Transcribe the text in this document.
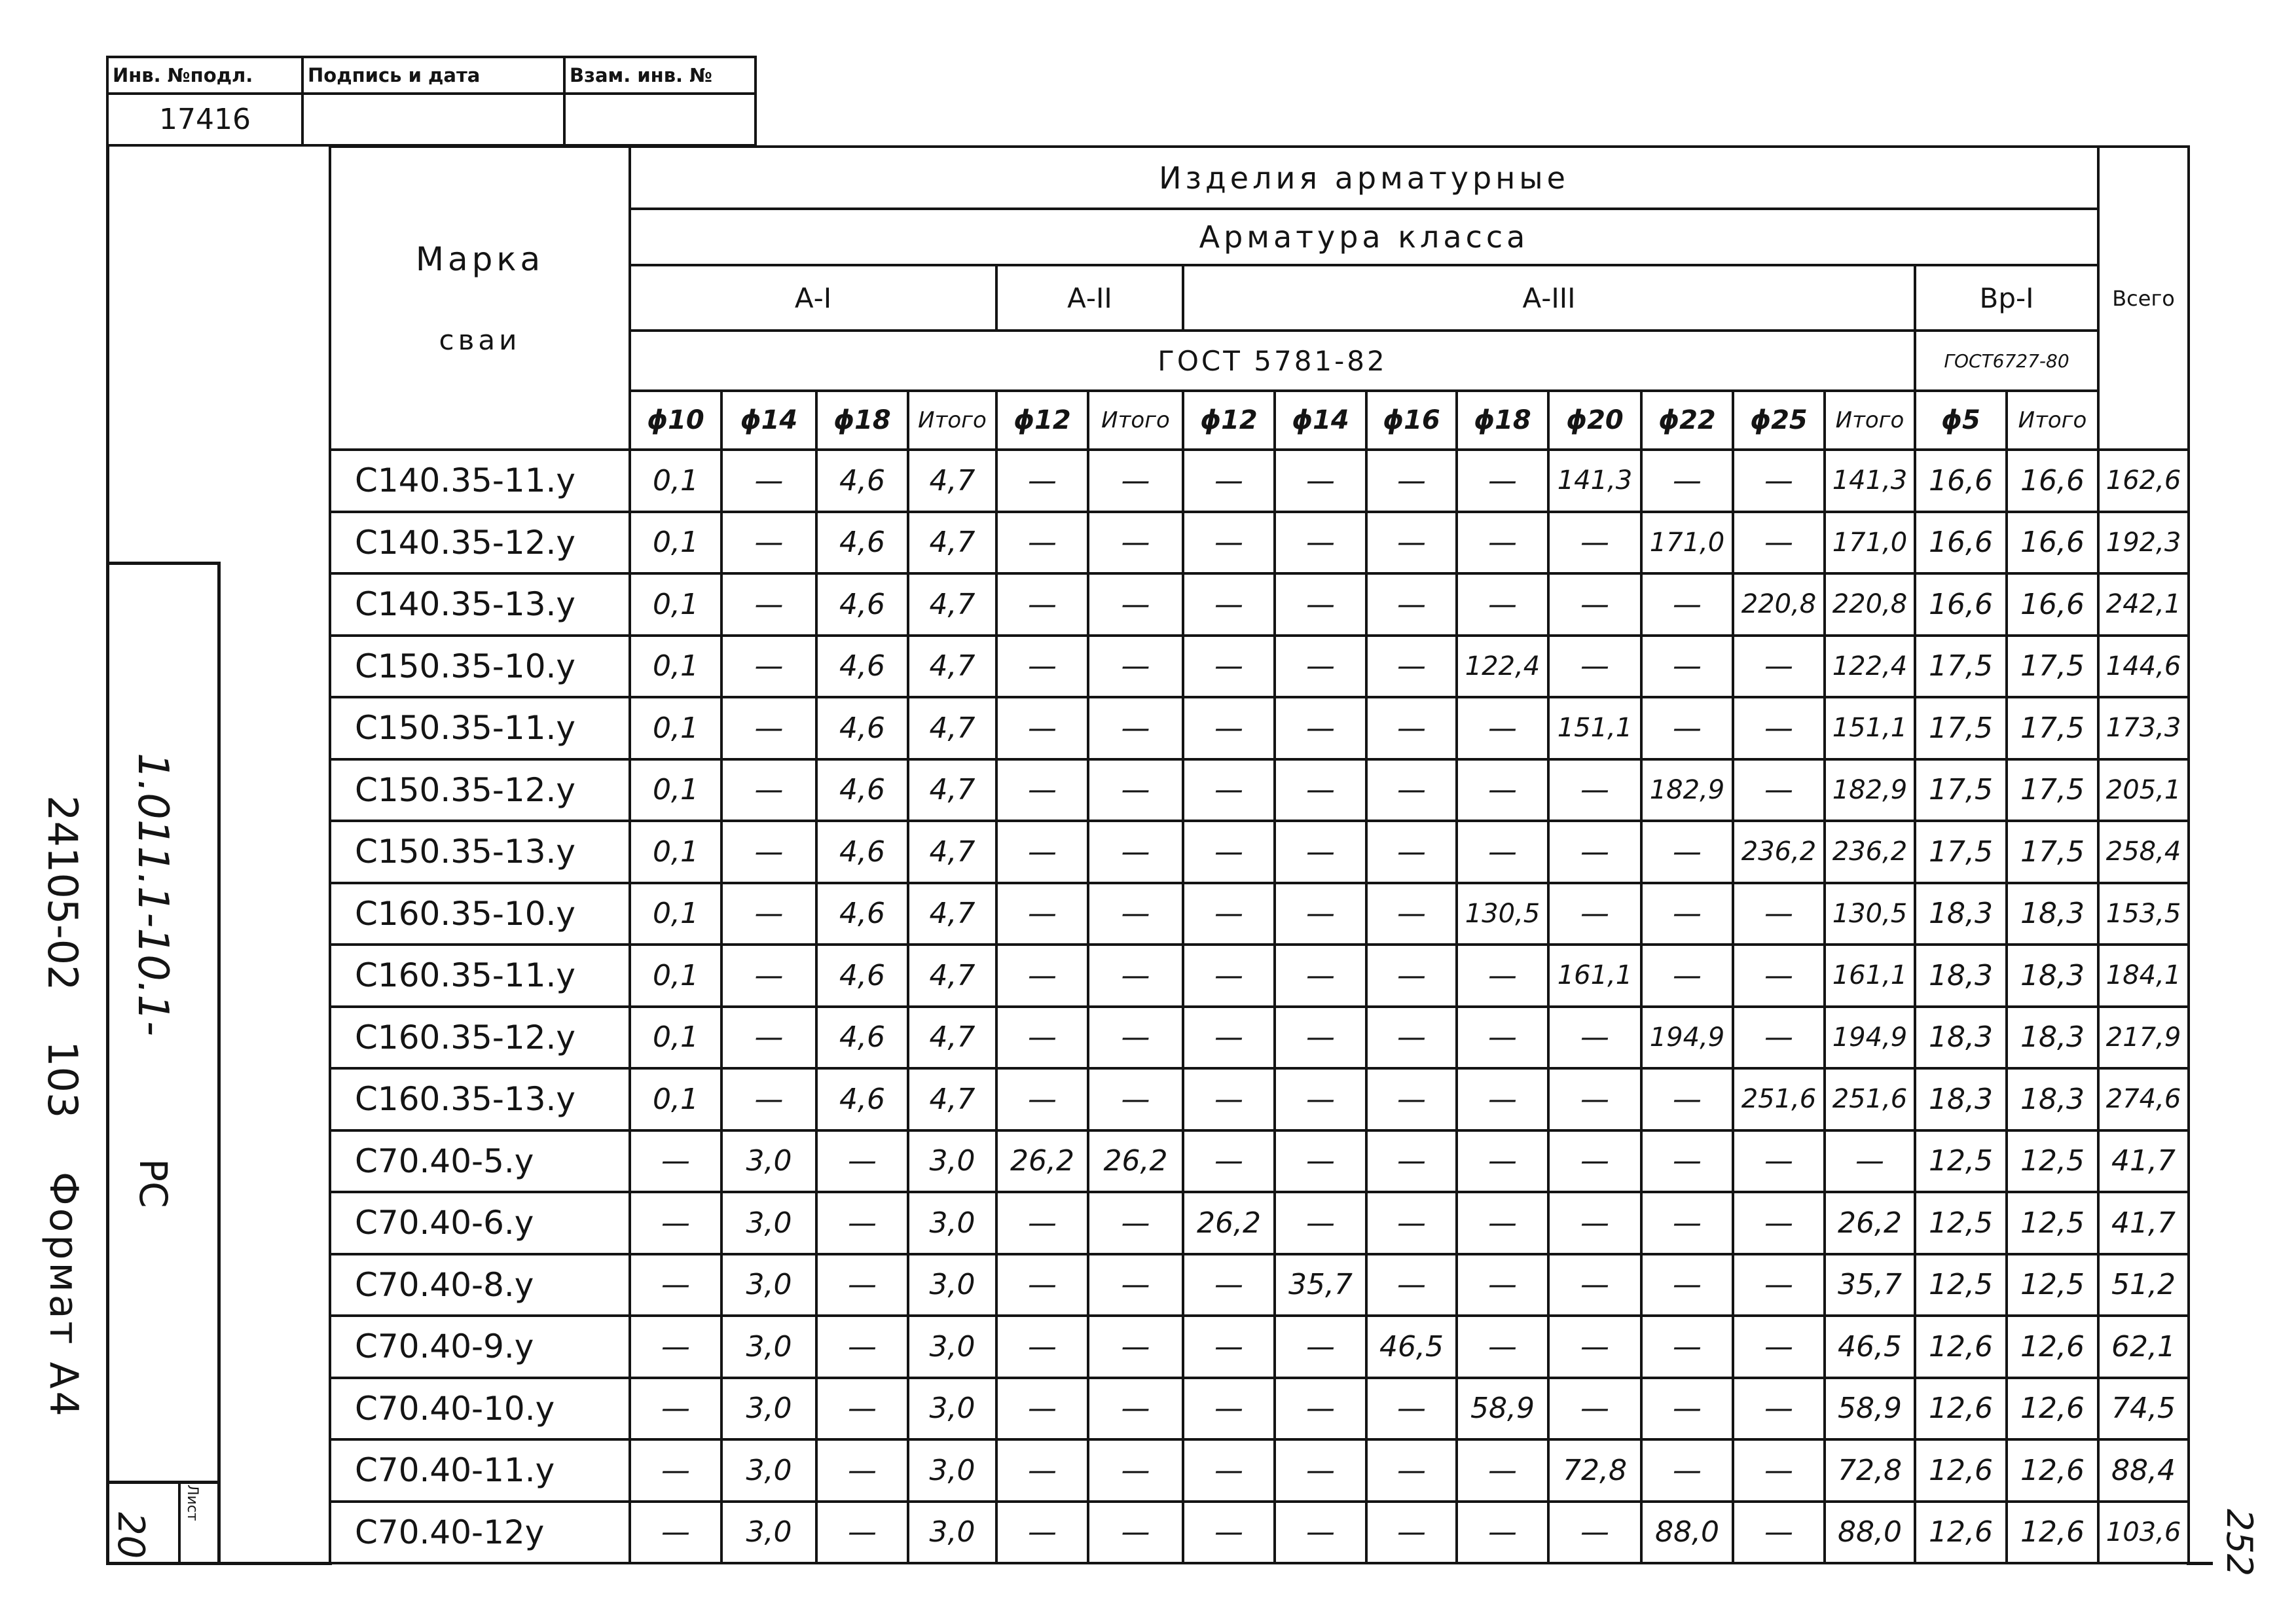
Инв. №подл.	Подпись и дата	Взам. инв. №
17416		
1.011.1-10.1-
24105-02
103
РС
Формат А4
20
Лист
252
Марка
сваи	Изделия арматурные																Всего
	Арматура класса																
	А-I				А-II		А-III								Вр-I		
	ГОСТ 5781-82														ГОСТ6727-80		
	ϕ10	ϕ14	ϕ18	Итого	ϕ12	Итого	ϕ12	ϕ14	ϕ16	ϕ18	ϕ20	ϕ22	ϕ25	Итого	ϕ5	Итого	
С140.35-11.у	0,1	—	4,6	4,7	—	—	—	—	—	—	141,3	—	—	141,3	16,6	16,6	162,6
С140.35-12.у	0,1	—	4,6	4,7	—	—	—	—	—	—	—	171,0	—	171,0	16,6	16,6	192,3
С140.35-13.у	0,1	—	4,6	4,7	—	—	—	—	—	—	—	—	220,8	220,8	16,6	16,6	242,1
С150.35-10.у	0,1	—	4,6	4,7	—	—	—	—	—	122,4	—	—	—	122,4	17,5	17,5	144,6
С150.35-11.у	0,1	—	4,6	4,7	—	—	—	—	—	—	151,1	—	—	151,1	17,5	17,5	173,3
С150.35-12.у	0,1	—	4,6	4,7	—	—	—	—	—	—	—	182,9	—	182,9	17,5	17,5	205,1
С150.35-13.у	0,1	—	4,6	4,7	—	—	—	—	—	—	—	—	236,2	236,2	17,5	17,5	258,4
С160.35-10.у	0,1	—	4,6	4,7	—	—	—	—	—	130,5	—	—	—	130,5	18,3	18,3	153,5
С160.35-11.у	0,1	—	4,6	4,7	—	—	—	—	—	—	161,1	—	—	161,1	18,3	18,3	184,1
С160.35-12.у	0,1	—	4,6	4,7	—	—	—	—	—	—	—	194,9	—	194,9	18,3	18,3	217,9
С160.35-13.у	0,1	—	4,6	4,7	—	—	—	—	—	—	—	—	251,6	251,6	18,3	18,3	274,6
С70.40-5.у	—	3,0	—	3,0	26,2	26,2	—	—	—	—	—	—	—	—	12,5	12,5	41,7
С70.40-6.у	—	3,0	—	3,0	—	—	26,2	—	—	—	—	—	—	26,2	12,5	12,5	41,7
С70.40-8.у	—	3,0	—	3,0	—	—	—	35,7	—	—	—	—	—	35,7	12,5	12,5	51,2
С70.40-9.у	—	3,0	—	3,0	—	—	—	—	46,5	—	—	—	—	46,5	12,6	12,6	62,1
С70.40-10.у	—	3,0	—	3,0	—	—	—	—	—	58,9	—	—	—	58,9	12,6	12,6	74,5
С70.40-11.у	—	3,0	—	3,0	—	—	—	—	—	—	72,8	—	—	72,8	12,6	12,6	88,4
С70.40-12у	—	3,0	—	3,0	—	—	—	—	—	—	—	88,0	—	88,0	12,6	12,6	103,6
